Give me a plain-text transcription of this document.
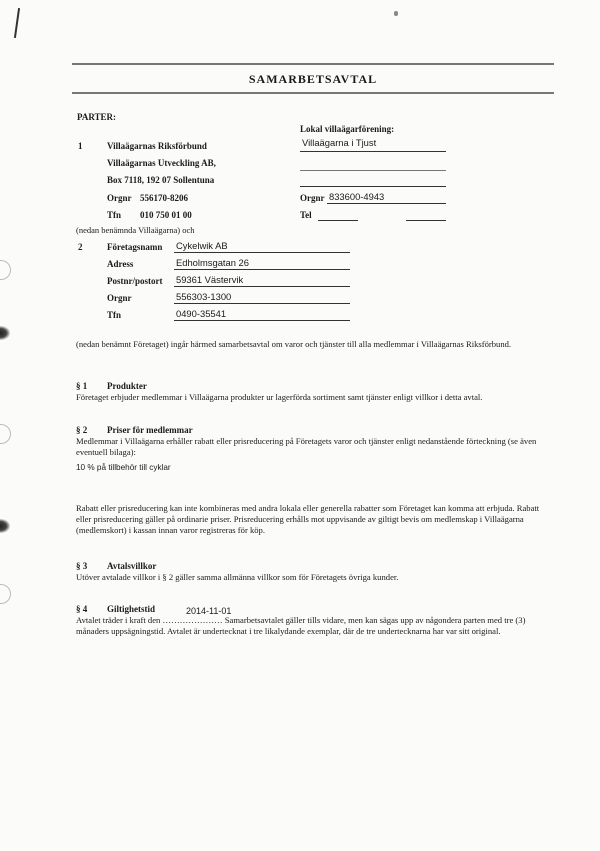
SAMARBETSAVTAL
PARTER:
Lokal villaägarförening:
Villaägarna i Tjust
1	Villaägarnas Riksförbund
Villaägarnas Utveckling AB,
Box 7118, 192 07 Sollentuna
Orgnr 556170-8206
Tfn 010 750 01 00
Orgnr 833600-4943
Tel
(nedan benämnda Villaägarna) och
2	Företagsnamn Cykelwik AB
Adress	Edholmsgatan 26
Postnr/postort 59361 Västervik
Orgnr	556303-1300
Tfn	0490-35541
(nedan benämnt Företaget) ingår härmed samarbetsavtal om varor och tjänster till alla medlemmar i Villaägarnas Riksförbund.
§ 1 Produkter
Företaget erbjuder medlemmar i Villaägarna produkter ur lagerförda sortiment samt tjänster enligt villkor i detta avtal.
§ 2 Priser för medlemmar
Medlemmar i Villaägarna erhåller rabatt eller prisreducering på Företagets varor och tjänster enligt nedanstående förteckning (se även eventuell bilaga):
10 % på tillbehör till cyklar
Rabatt eller prisreducering kan inte kombineras med andra lokala eller generella rabatter som Företaget kan komma att erbjuda. Rabatt eller prisreducering gäller på ordinarie priser. Prisreducering erhålls mot uppvisande av giltigt bevis om medlemskap i Villaägarna (medlemskort) i kassan innan varor registreras för köp.
§ 3 Avtalsvillkor
Utöver avtalade villkor i § 2 gäller samma allmänna villkor som för Företagets övriga kunder.
§ 4 Giltighetstid	2014-11-01
Avtalet träder i kraft den ………………… Samarbetsavtalet gäller tills vidare, men kan sägas upp av någondera parten med tre (3) månaders uppsägningstid. Avtalet är undertecknat i tre likalydande exemplar, där de tre undertecknarna har var sitt original.
